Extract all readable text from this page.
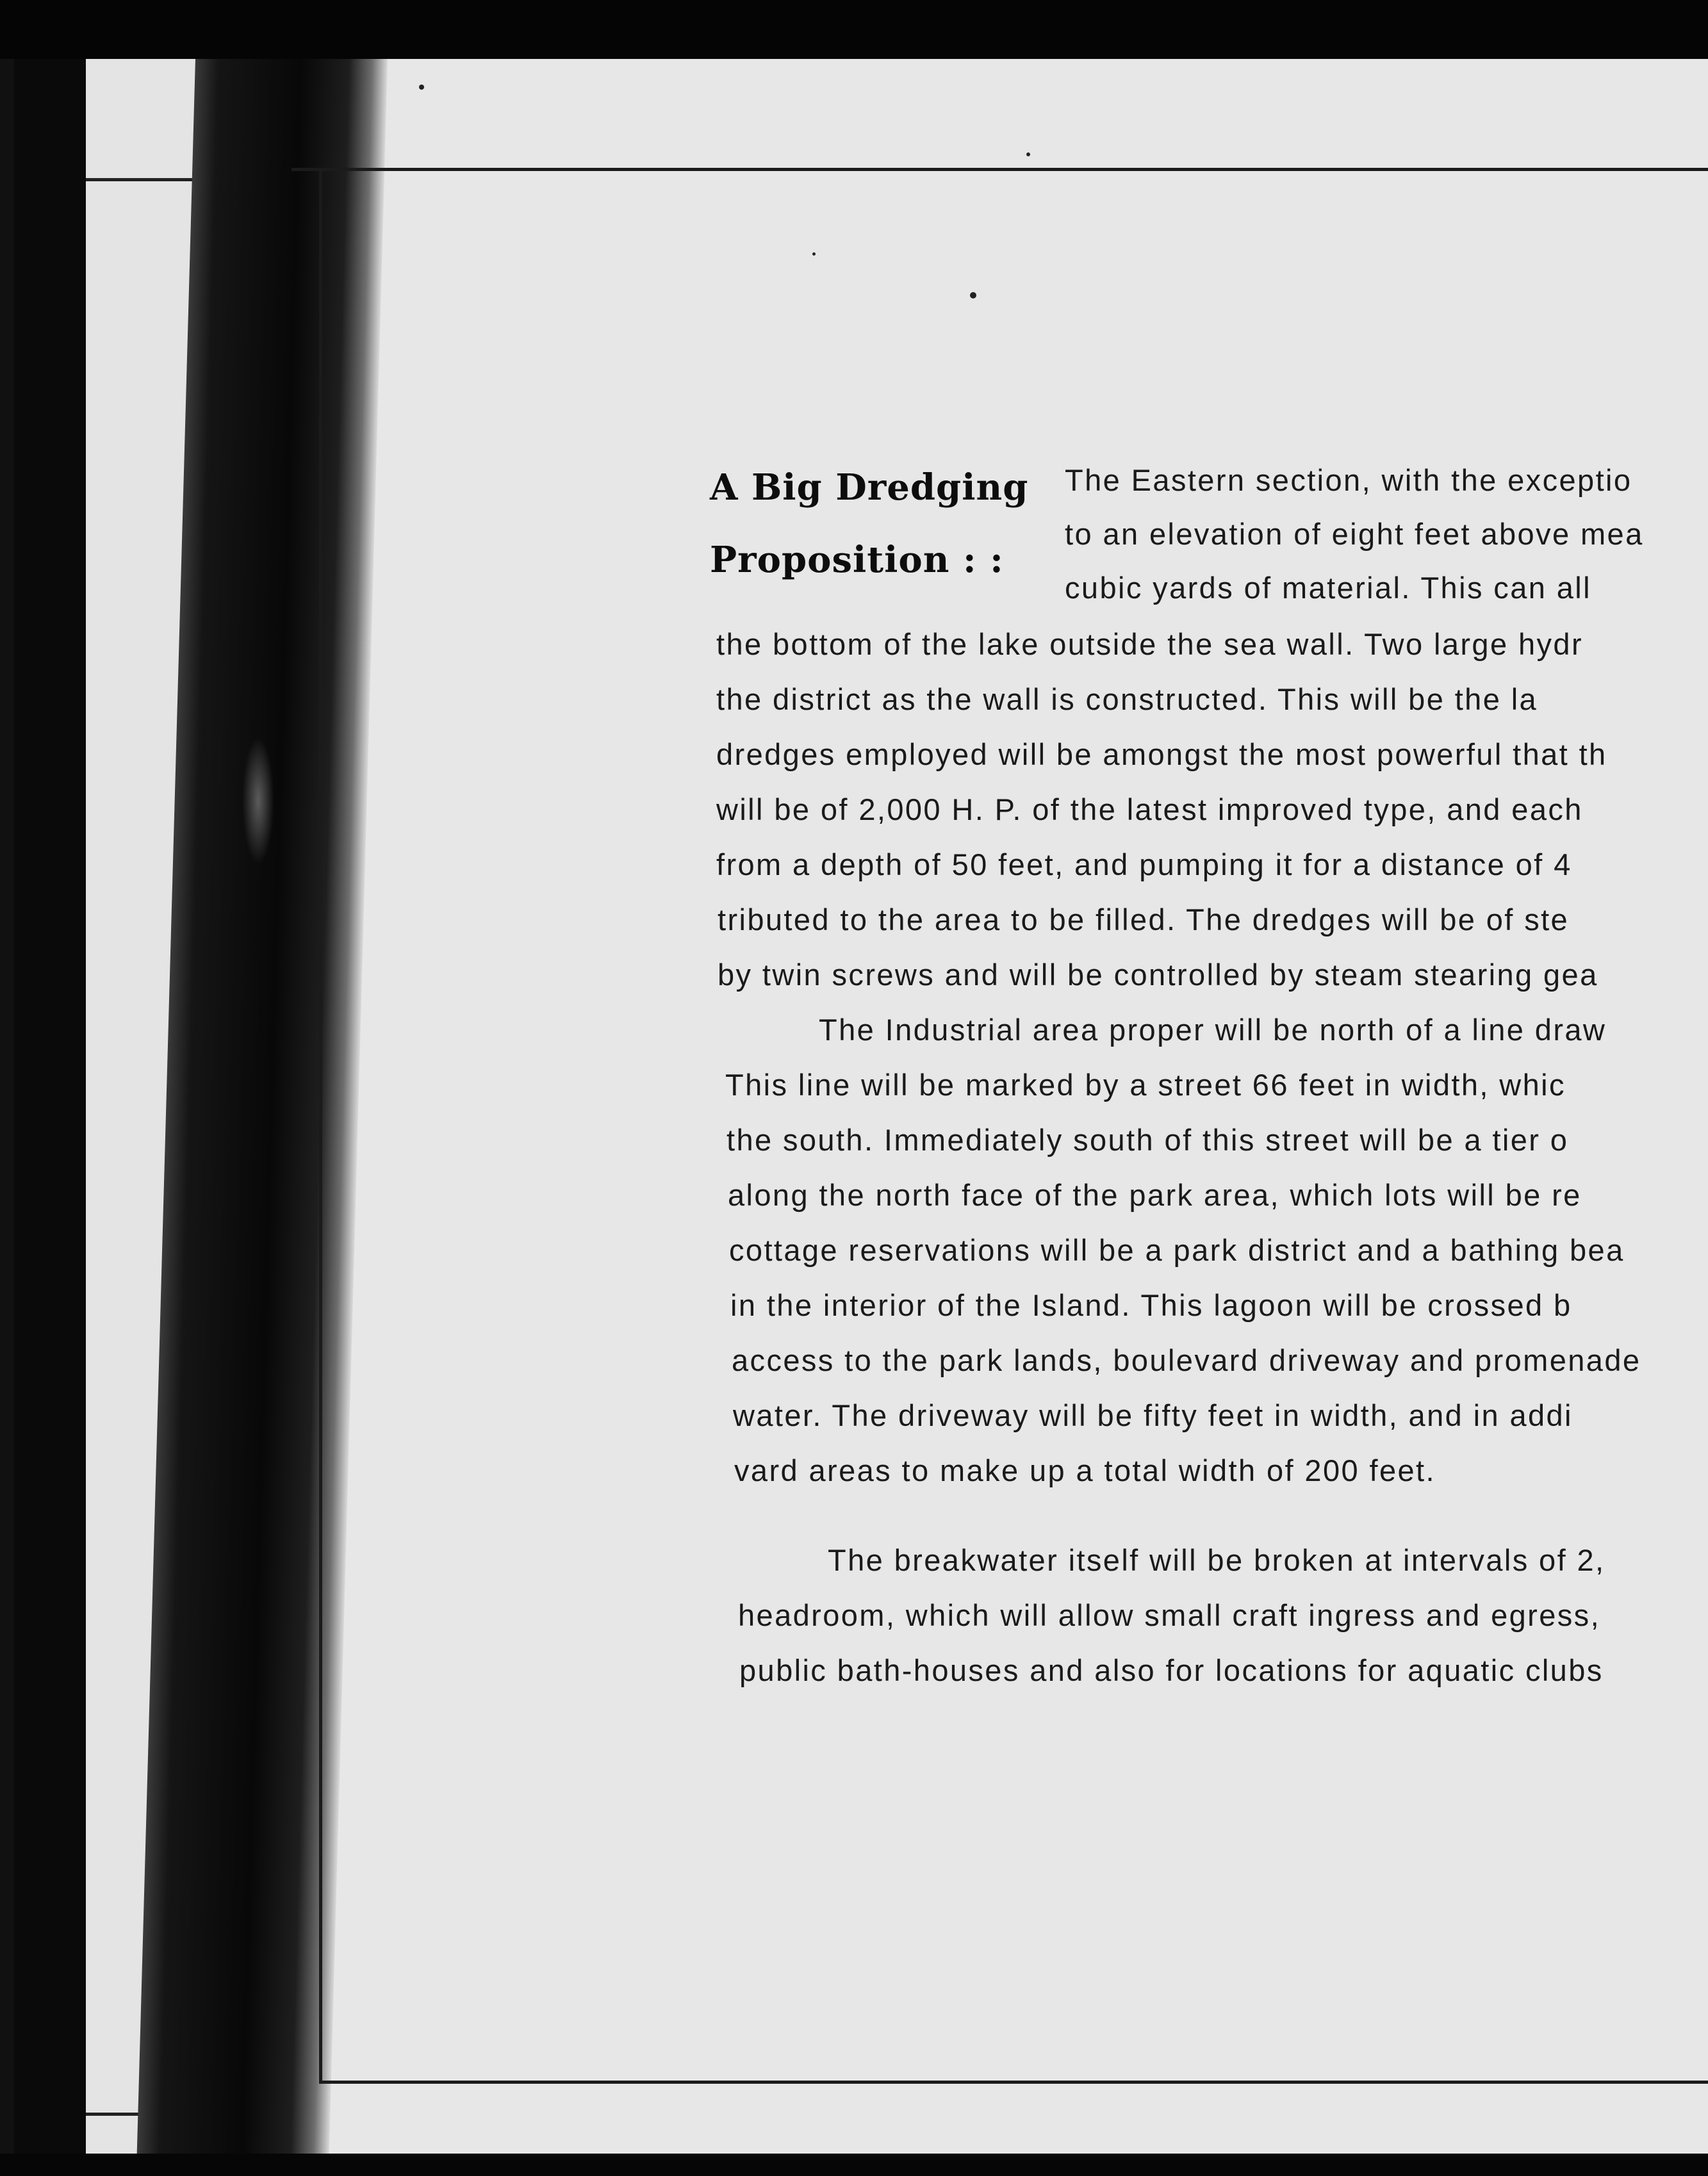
A Big Dredging
Proposition : :
The Eastern section, with the exceptio
to an elevation of eight feet above mea
cubic yards of material. This can all
the bottom of the lake outside the sea wall. Two large hydr
the district as the wall is constructed. This will be the la
dredges employed will be amongst the most powerful that th
will be of 2,000 H. P. of the latest improved type, and each
from a depth of 50 feet, and pumping it for a distance of 4
tributed to the area to be filled. The dredges will be of ste
by twin screws and will be controlled by steam stearing gea
The Industrial area proper will be north of a line draw
This line will be marked by a street 66 feet in width, whic
the south. Immediately south of this street will be a tier o
along the north face of the park area, which lots will be re
cottage reservations will be a park district and a bathing bea
in the interior of the Island. This lagoon will be crossed b
access to the park lands, boulevard driveway and promenade
water. The driveway will be fifty feet in width, and in addi
vard areas to make up a total width of 200 feet.
The breakwater itself will be broken at intervals of 2,
headroom, which will allow small craft ingress and egress,
public bath-houses and also for locations for aquatic clubs
